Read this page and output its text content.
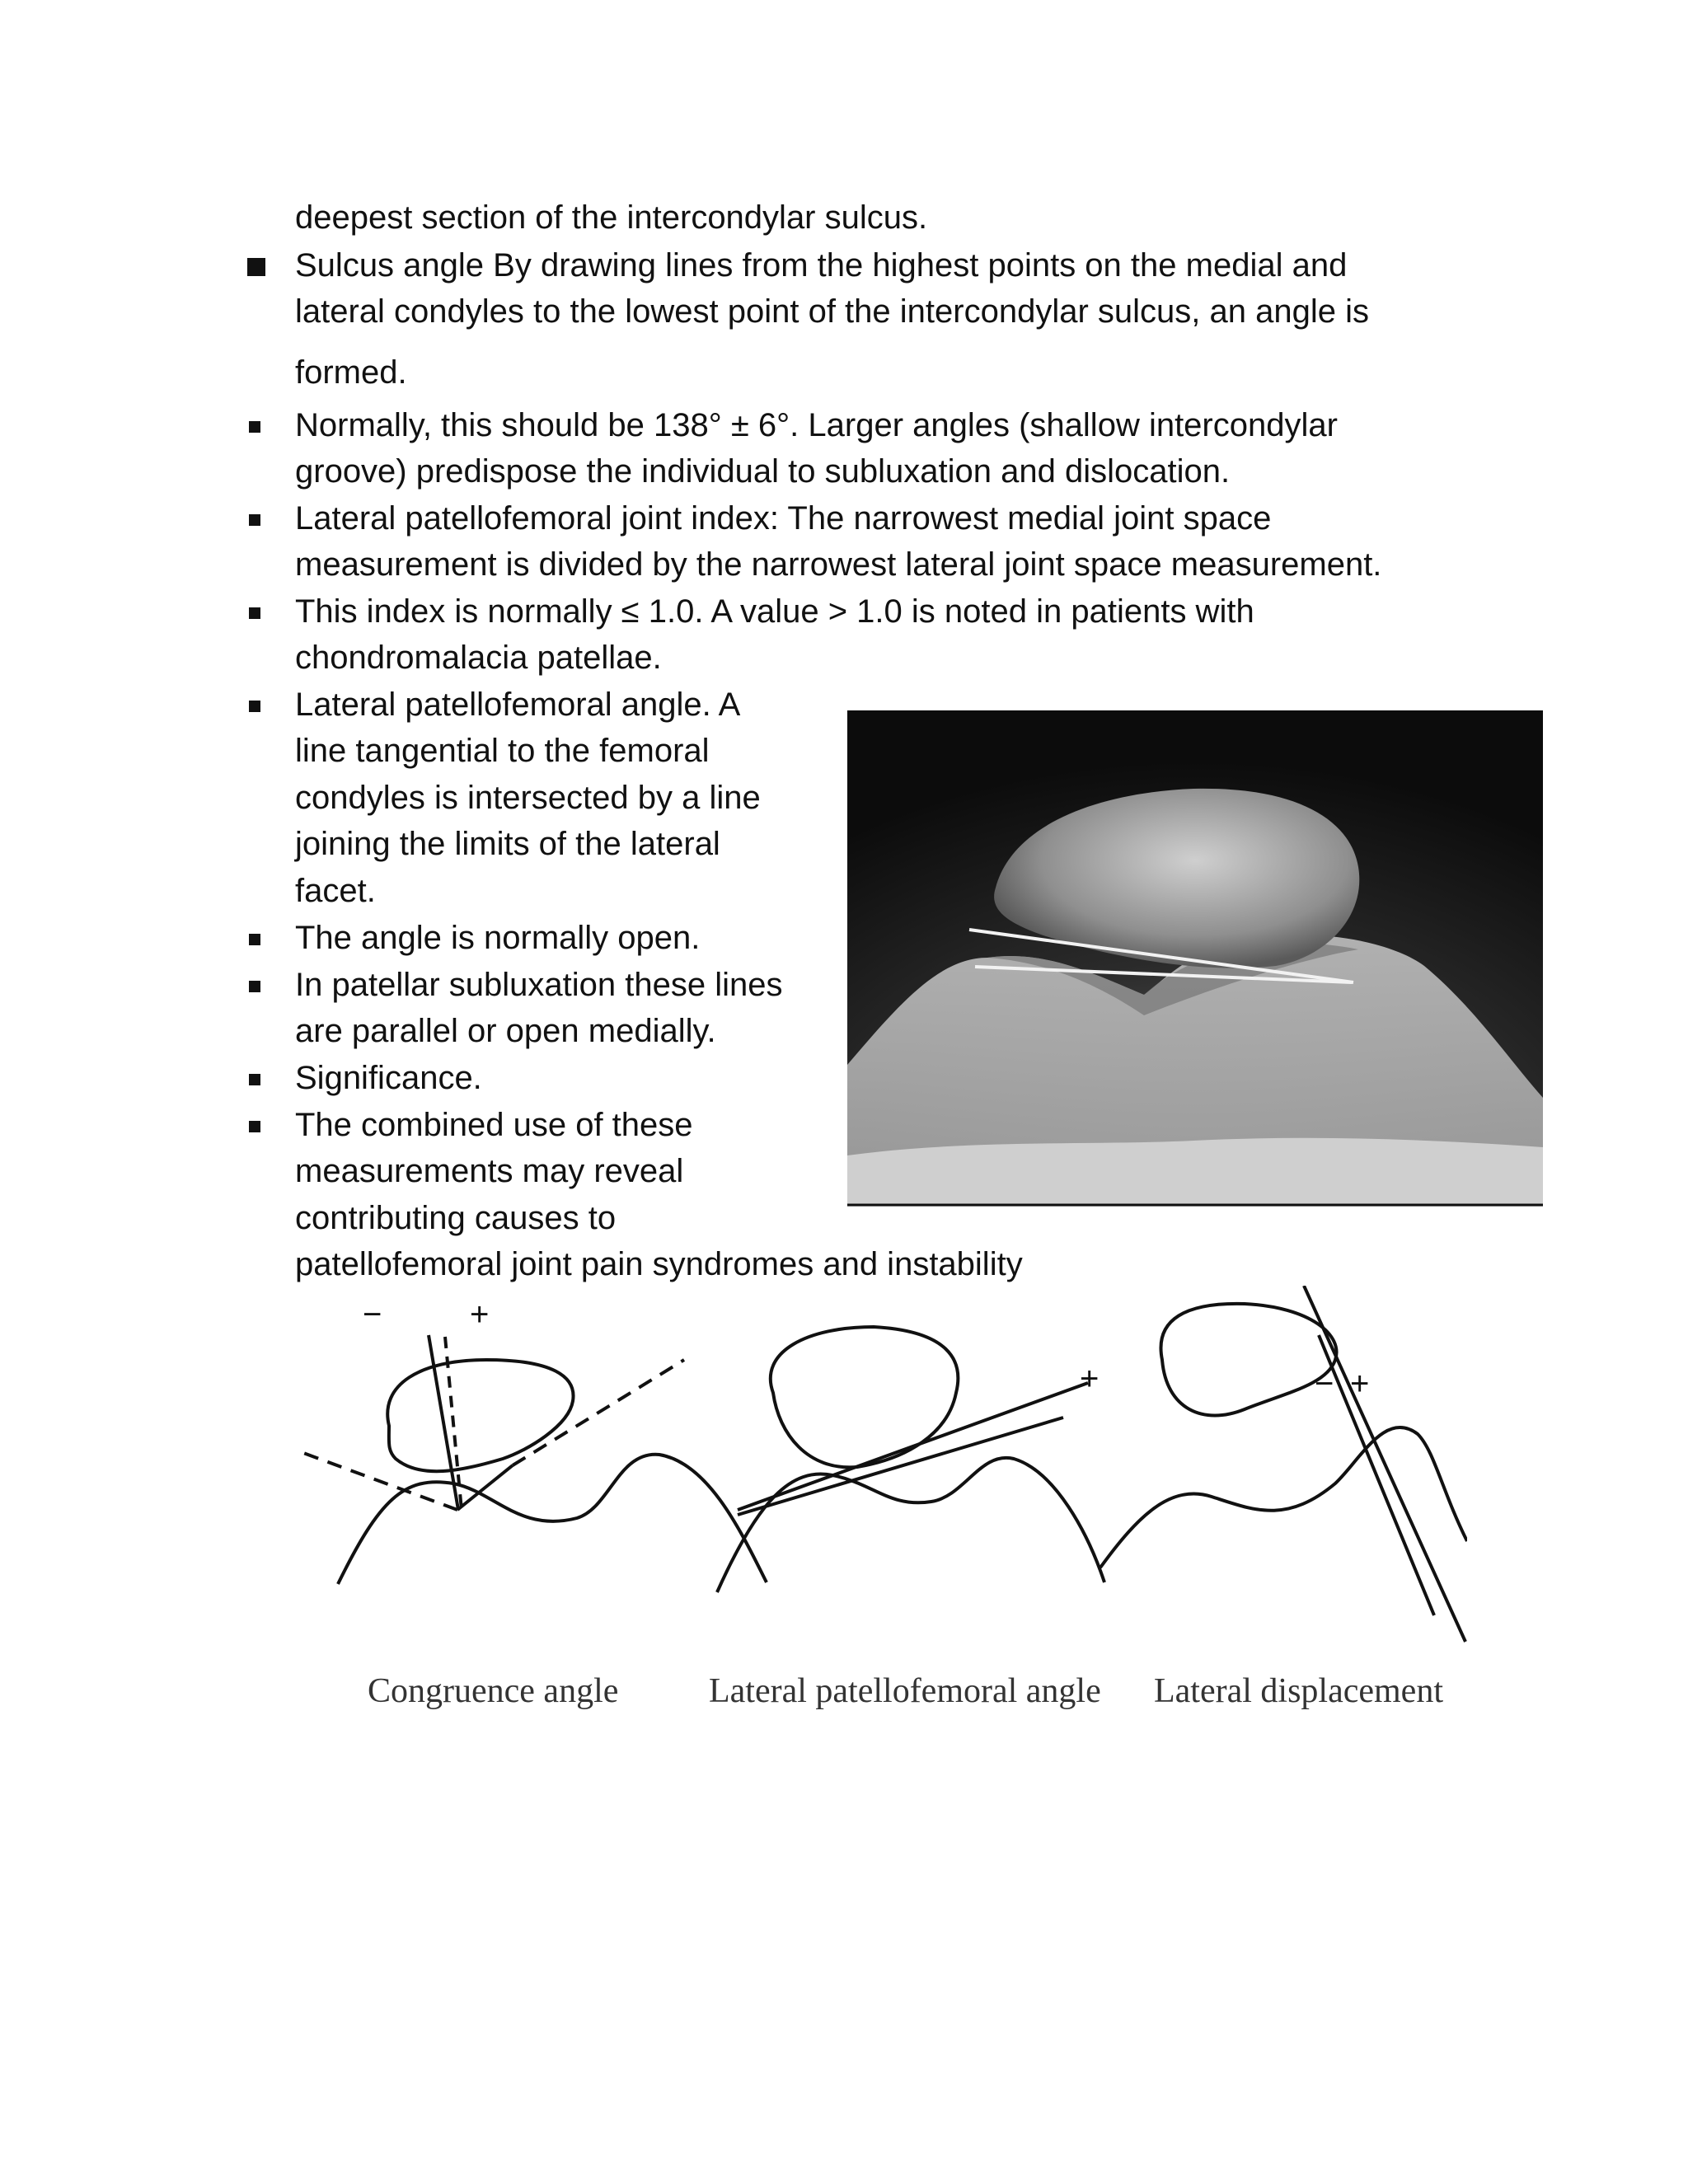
deepest section of the intercondylar sulcus.
Sulcus angle By drawing lines from the highest points on the medial and
lateral condyles to the lowest point of the intercondylar sulcus, an angle is
formed.
Normally, this should be 138° ± 6°. Larger angles (shallow intercondylar
groove) predispose the individual to subluxation and dislocation.
Lateral patellofemoral joint index: The narrowest medial joint space
measurement is divided by the narrowest lateral joint space measurement.
This index is normally ≤ 1.0. A value > 1.0 is noted in patients with
chondromalacia patellae.
Lateral patellofemoral angle. A
line tangential to the femoral
condyles is intersected by a line
joining the limits of the lateral
facet.
The angle is normally open.
In patellar subluxation these lines
are parallel or open medially.
Significance.
The combined use of these
measurements may reveal
contributing causes to
patellofemoral joint pain syndromes and instability
−	+
+	− +
Congruence angle	Lateral patellofemoral angle Lateral displacement
